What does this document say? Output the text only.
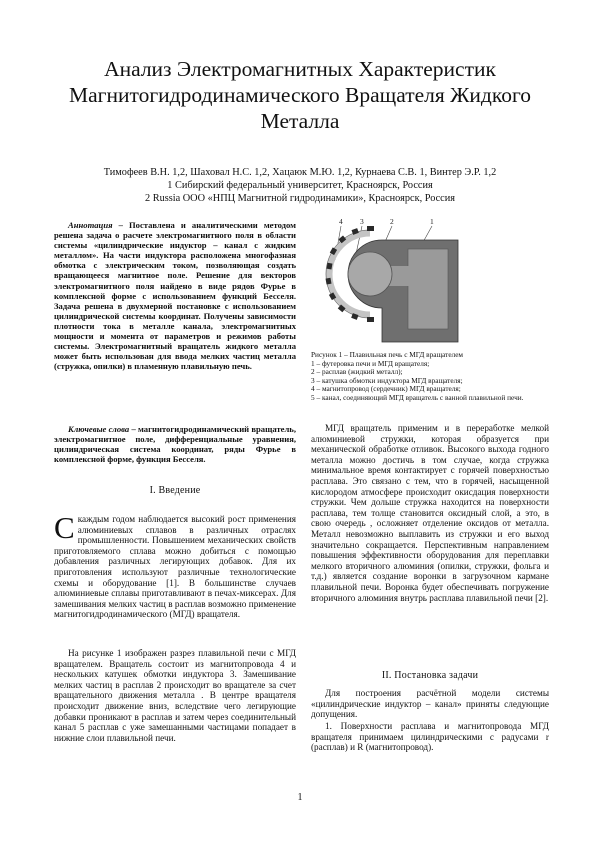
Анализ Электромагнитных Характеристик Магнитогидродинамического Вращателя Жидкого Металла
Тимофеев В.Н. 1,2, Шаховал Н.С. 1,2, Хацаюк М.Ю. 1,2, Курнаева С.В. 1, Винтер Э.Р. 1,2
1 Сибирский федеральный университет, Красноярск, Россия
2 Russia ООО «НПЦ Магнитной гидродинамики», Красноярск, Россия
Аннотация – Поставлена и аналитическими методом решена задача о расчете электромагнитного поля в области системы «цилиндрические индуктор – канал с жидким металлом». На части индуктора расположена многофазная обмотка с электрическим током, позволяющая создать вращающееся магнитное поле. Решение для векторов электромагнитного поля найдено в виде рядов Фурье в комплексной форме с использованием функций Бесселя. Задача решена в двухмерной постановке с использованием цилиндрической системы координат. Получены зависимости плотности тока в металле канала, электромагнитных мощности и момента от параметров и режимов работы системы. Электромагнитный вращатель жидкого металла может быть использован для ввода мелких частиц металла (стружка, опилки) в пламенную плавильную печь.
Ключевые слова – магнитогидродинамический вращатель, электромагнитное поле, дифференциальные уравнения, цилиндрическая система координат, ряды Фурье в комплексной форме, функция Бесселя.
I. Введение
Скаждым годом наблюдается высокий рост применения алюминиевых сплавов в различных отраслях промышленности. Повышением механических свойств приготовляемого сплава можно добиться с помощью добавления различных легирующих добавок. Для их приготовления используют различные технологические схемы и оборудование [1]. В большинстве случаев алюминиевые сплавы приготавливают в печах-миксерах. Для замешивания мелких частиц в расплав возможно применение магнитогидродинамического (МГД) вращателя.

На рисунке 1 изображен разрез плавильной печи с МГД вращателем. Вращатель состоит из магнитопровода 4 и нескольких катушек обмотки индуктора 3. Замешивание мелких частиц в расплав 2 происходит во вращателе за счет вращательного движения металла . В центре вращателя происходит движение вниз, вследствие чего легирующие добавки проникают в расплав и затем через соединительный канал 5 расплав с уже замешанными частицами попадает в нижние слои плавильной печи.

4 3	2	1
Рисунок 1 – Плавильная печь с МГД вращателем
1 – футеровка печи и МГД вращателя;
2 – расплав (жидкий металл);
3 – катушка обмотки индуктора МГД вращателя;
4 – магнитопровод (сердечник) МГД вращателя;
5 – канал, соединяющий МГД вращатель с ванной плавильной печи.

МГД вращатель применим и в переработке мелкой алюминиевой стружки, которая образуется при механической обработке отливок. Высокого выхода годного металла можно достичь в том случае, когда стружка минимальное время контактирует с горячей поверхностью расплава. Это связано с тем, что в горячей, насыщенной кислородом атмосфере происходит окисдация поверхности стружки. Чем дольше стружка находится на поверхности расплава, тем толще становится оксидный слой, а это, в свою очередь , осложняет отделение оксидов от металла. Металл невозможно выплавить из стружки и его выход значительно сокращается. Перспективным направлением повышения эффективности оборудования для переплавки мелкого вторичного алюминия (опилки, стружки, фольга и т.д.) является создание воронки в загрузочном кармане плавильной печи. Воронка будет обеспечивать погружение вторичного алюминия внутрь расплава плавильной печи [2].

II. Постановка задачи

Для построения расчётной модели системы «цилиндрические индуктор – канал» приняты следующие допущения.

1. Поверхности расплава и магнитопровода МГД вращателя принимаем цилиндрическими с радусами r (расплав) и R (магнитопровод).

1
